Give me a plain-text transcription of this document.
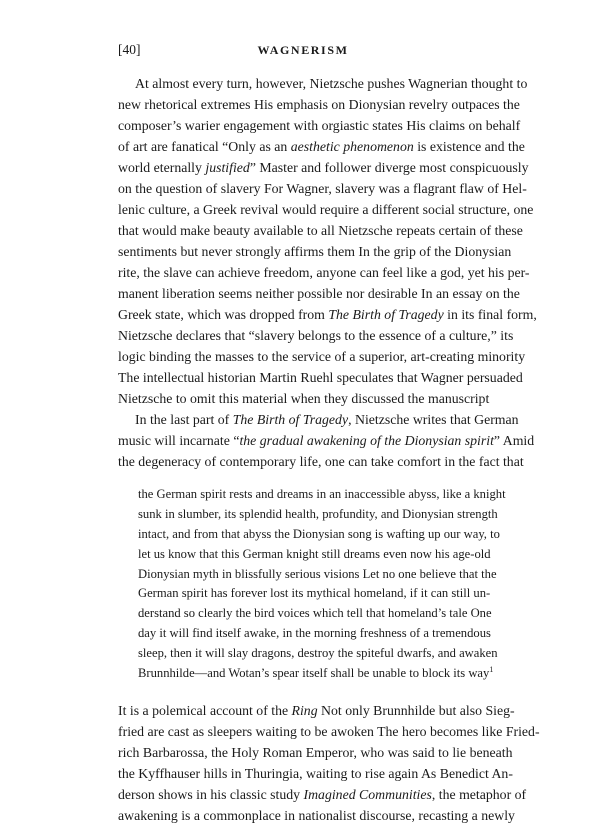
[40]	WAGNERISM
At almost every turn, however, Nietzsche pushes Wagnerian thought to
new rhetorical extremes His emphasis on Dionysian revelry outpaces the
composer’s warier engagement with orgiastic states His claims on behalf
of art are fanatical “Only as an aesthetic phenomenon is existence and the
world eternally justified” Master and follower diverge most conspicuously
on the question of slavery For Wagner, slavery was a flagrant flaw of Hel-
lenic culture, a Greek revival would require a different social structure, one
that would make beauty available to all Nietzsche repeats certain of these
sentiments but never strongly affirms them In the grip of the Dionysian
rite, the slave can achieve freedom, anyone can feel like a god, yet his per-
manent liberation seems neither possible nor desirable In an essay on the
Greek state, which was dropped from The Birth of Tragedy in its final form,
Nietzsche declares that “slavery belongs to the essence of a culture,” its
logic binding the masses to the service of a superior, art-creating minority
The intellectual historian Martin Ruehl speculates that Wagner persuaded
Nietzsche to omit this material when they discussed the manuscript
In the last part of The Birth of Tragedy, Nietzsche writes that German
music will incarnate “the gradual awakening of the Dionysian spirit” Amid
the degeneracy of contemporary life, one can take comfort in the fact that
the German spirit rests and dreams in an inaccessible abyss, like a knight
sunk in slumber, its splendid health, profundity, and Dionysian strength
intact, and from that abyss the Dionysian song is wafting up our way, to
let us know that this German knight still dreams even now his age-old
Dionysian myth in blissfully serious visions Let no one believe that the
German spirit has forever lost its mythical homeland, if it can still un-
derstand so clearly the bird voices which tell that homeland’s tale One
day it will find itself awake, in the morning freshness of a tremendous
sleep, then it will slay dragons, destroy the spiteful dwarfs, and awaken
Brunnhilde—and Wotan’s spear itself shall be unable to block its way$^1$
It is a polemical account of the Ring Not only Brunnhilde but also Sieg-
fried are cast as sleepers waiting to be awoken The hero becomes like Fried-
rich Barbarossa, the Holy Roman Emperor, who was said to lie beneath
the Kyffhauser hills in Thuringia, waiting to rise again As Benedict An-
derson shows in his classic study Imagined Communities, the metaphor of
awakening is a commonplace in nationalist discourse, recasting a newly
